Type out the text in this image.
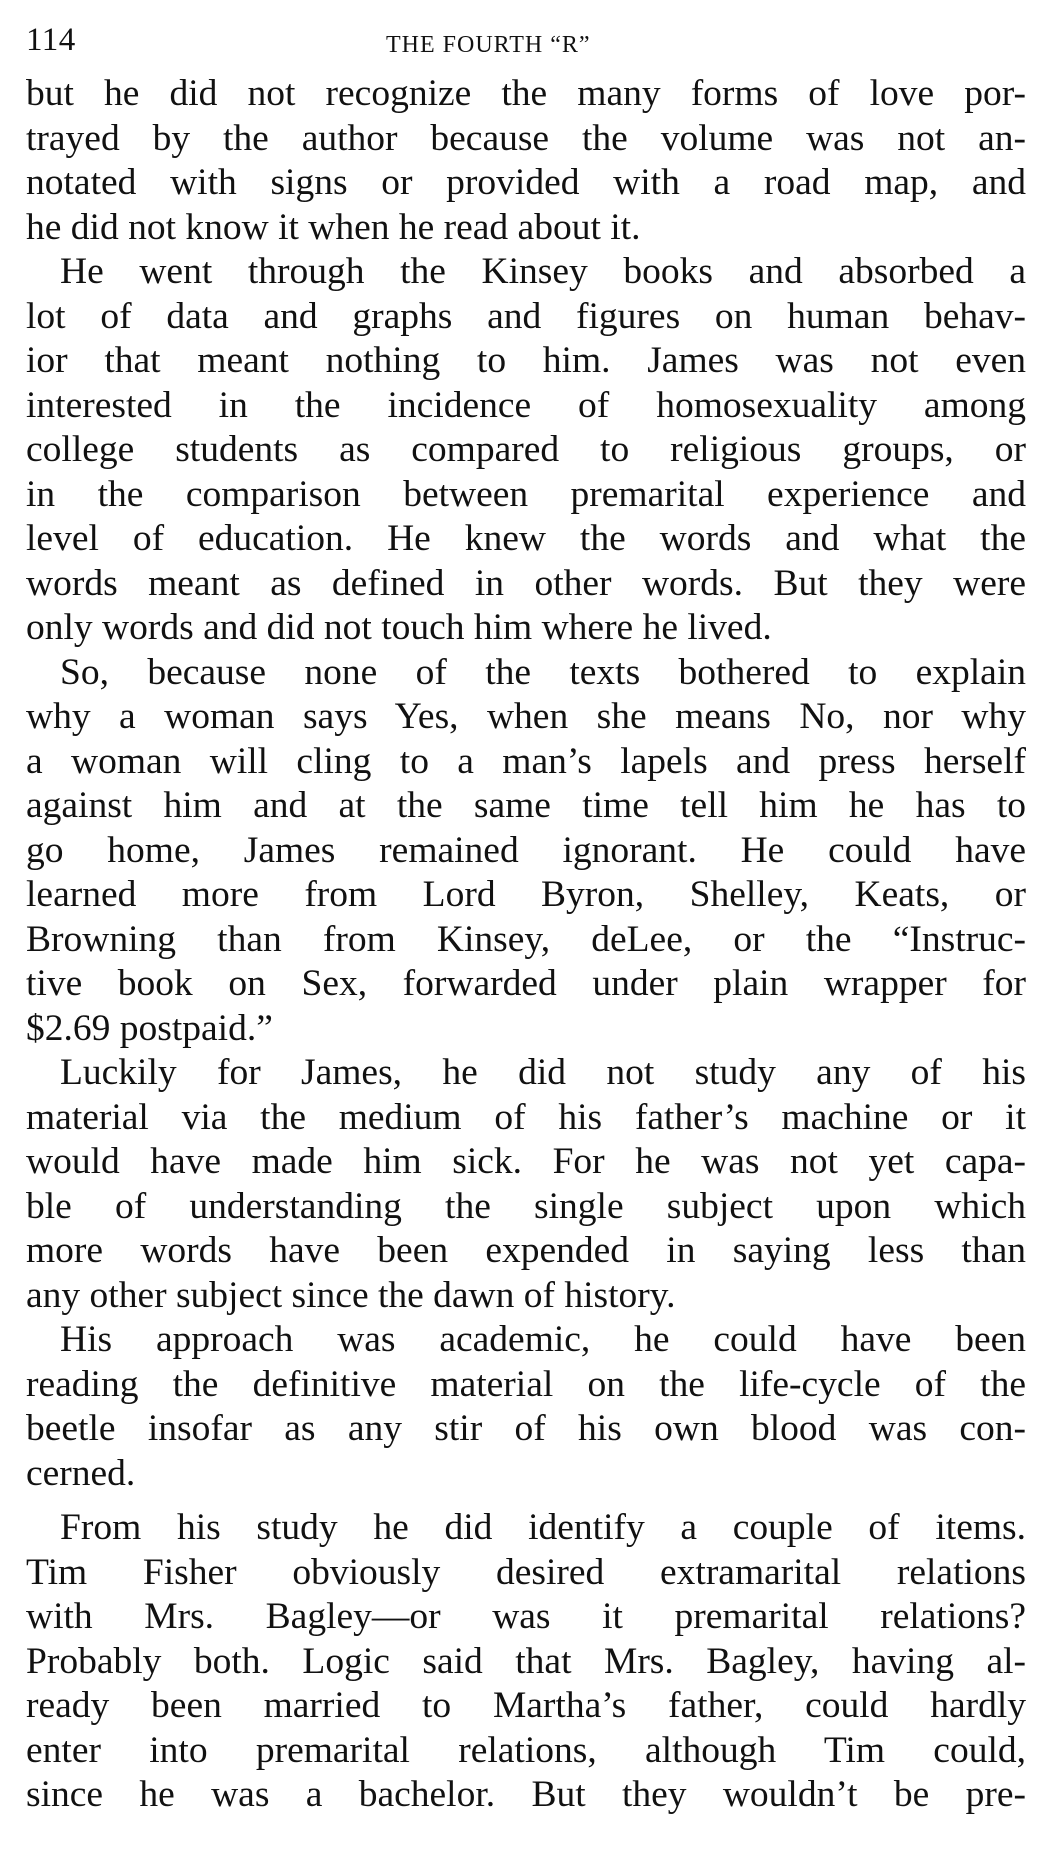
114	THE FOURTH “R”

but he did not recognize the many forms of love por-
trayed by the author because the volume was not an-
notated with signs or provided with a road map, and
he did not know it when he read about it.

He went through the Kinsey books and absorbed a
lot of data and graphs and figures on human behav-
ior that meant nothing to him. James was not even
interested in the incidence of homosexuality among
college students as compared to religious groups, or
in the comparison between premarital experience and
level of education. He knew the words and what the
words meant as defined in other words. But they were
only words and did not touch him where he lived.

So, because none of the texts bothered to explain
why a woman says Yes, when she means No, nor why
a woman will cling to a man’s lapels and press herself
against him and at the same time tell him he has to
go home, James remained ignorant. He could have
learned more from Lord Byron, Shelley, Keats, or
Browning than from Kinsey, deLee, or the “Instruc-
tive book on Sex, forwarded under plain wrapper for
$2.69 postpaid.”

Luckily for James, he did not study any of his
material via the medium of his father’s machine or it
would have made him sick. For he was not yet capa-
ble of understanding the single subject upon which
more words have been expended in saying less than
any other subject since the dawn of history.

His approach was academic, he could have been
reading the definitive material on the life-cycle of the
beetle insofar as any stir of his own blood was con-
cerned.

From his study he did identify a couple of items.
Tim Fisher obviously desired extramarital relations
with Mrs. Bagley—or was it premarital relations?
Probably both. Logic said that Mrs. Bagley, having al-
ready been married to Martha’s father, could hardly
enter into premarital relations, although Tim could,
since he was a bachelor. But they wouldn’t be pre-
